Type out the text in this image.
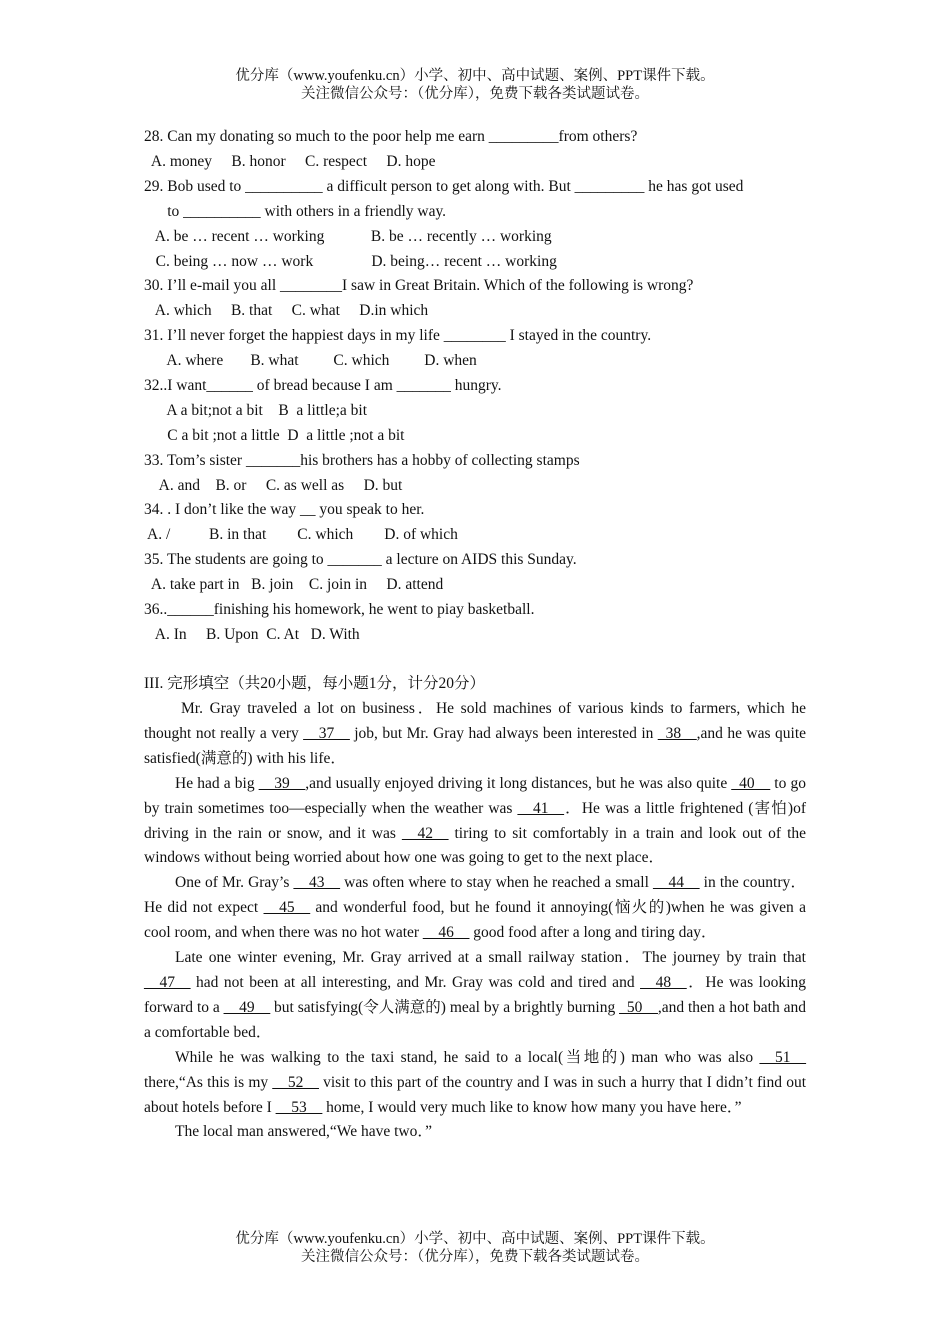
优分库（www.youfenku.cn）小学、初中、高中试题、案例、PPT课件下载。
关注微信公众号：（优分库），免费下载各类试题试卷。
28. Can my donating so much to the poor help me earn _________from others?
A. money     B. honor     C. respect     D. hope
29. Bob used to __________ a difficult person to get along with. But _________ he has got used
to __________ with others in a friendly way.
A. be … recent … working            B. be … recently … working
C. being … now … work               D. being… recent … working
30. I’ll e-mail you all ________I saw in Great Britain. Which of the following is wrong?
A. which     B. that     C. what     D.in which
31. I’ll never forget the happiest days in my life ________ I stayed in the country.
A. where       B. what         C. which         D. when
32..I want______ of bread because I am _______ hungry.
A a bit;not a bit    B  a little;a bit
C a bit ;not a little  D  a little ;not a bit
33. Tom’s sister _______his brothers has a hobby of collecting stamps
A. and    B. or     C. as well as     D. but
34. . I don’t like the way __ you speak to her.
A. /          B. in that        C. which        D. of which
35. The students are going to _______ a lecture on AIDS this Sunday.
A. take part in   B. join    C. join in     D. attend
36..______finishing his homework, he went to piay basketball.
A. In     B. Upon  C. At   D. With
III. 完形填空（共20小题，每小题1分，计分20分）

Mr. Gray traveled a lot on business．He sold machines of various kinds to farmers, which he thought not really a very __37__ job, but Mr. Gray had always been interested in _38__,and he was quite satisfied(满意的) with his life．

He had a big __39__,and usually enjoyed driving it long distances, but he was also quite _40__ to go by train sometimes too—especially when the weather was __41__．He was a little frightened (害怕)of driving in the rain or snow, and it was __42__ tiring to sit comfortably in a train and look out of the windows without being worried about how one was going to get to the next place．

One of Mr. Gray’s __43__ was often where to stay when he reached a small __44__ in the country．He did not expect __45__ and wonderful food, but he found it annoying(恼火的)when he was given a cool room, and when there was no hot water __46__ good food after a long and tiring day．

Late one winter evening, Mr. Gray arrived at a small railway station．The journey by train that __47__ had not been at all interesting, and Mr. Gray was cold and tired and __48__．He was looking forward to a __49__ but satisfying(令人满意的) meal by a brightly burning _50__,and then a hot bath and a comfortable bed．

While he was walking to the taxi stand, he said to a local(当地的) man who was also __51__ there,“As this is my __52__ visit to this part of the country and I was in such a hurry that I didn’t find out about hotels before I __53__ home, I would very much like to know how many you have here．”

The local man answered,“We have two．”

优分库（www.youfenku.cn）小学、初中、高中试题、案例、PPT课件下载。
关注微信公众号：（优分库），免费下载各类试题试卷。
